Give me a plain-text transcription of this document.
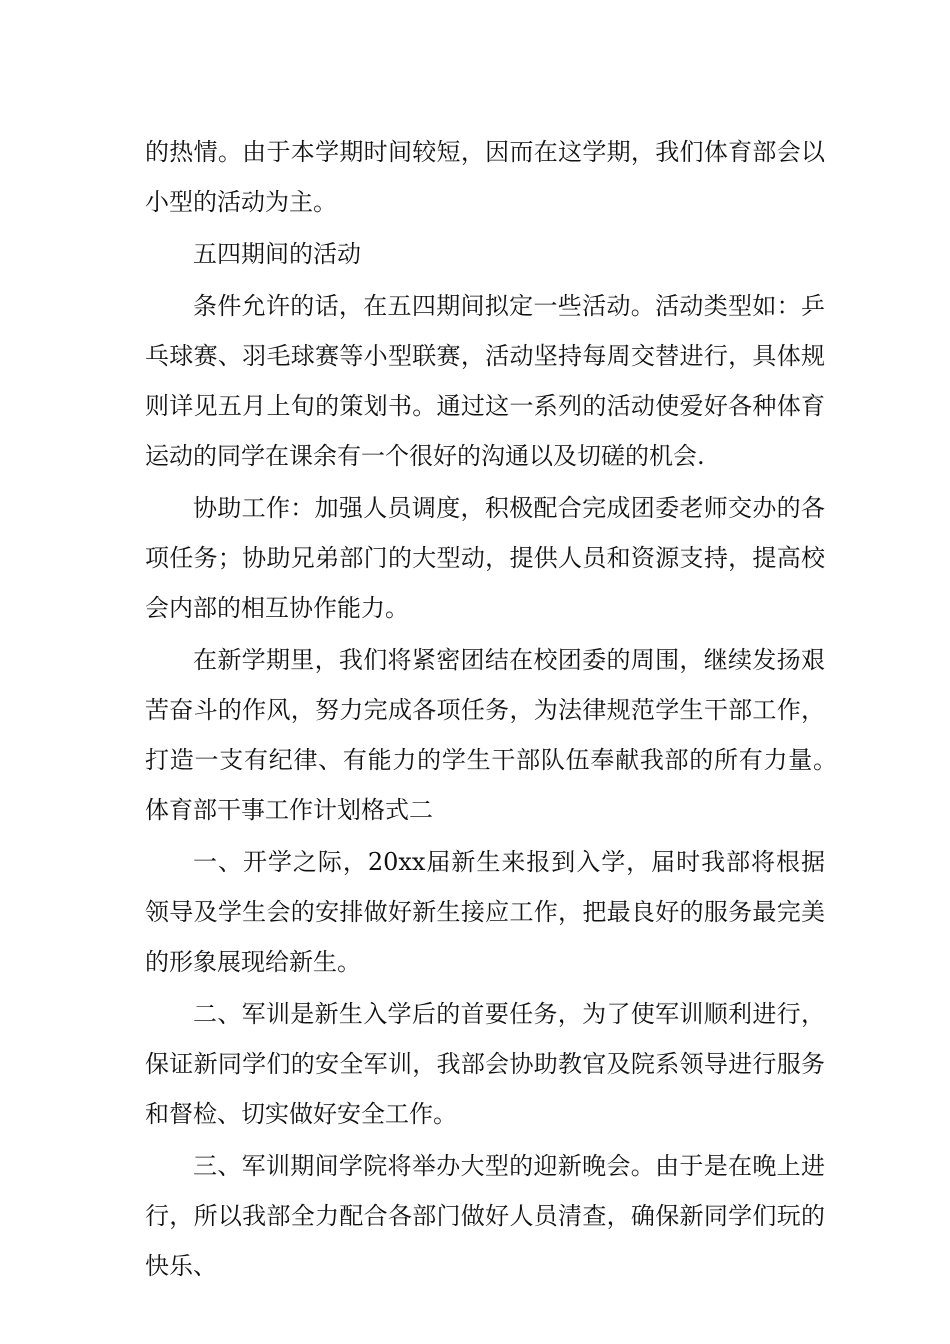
的热情。由于本学期时间较短，因而在这学期，我们体育部会以小型的活动为主。

五四期间的活动

条件允许的话，在五四期间拟定一些活动。活动类型如：乒乓球赛、羽毛球赛等小型联赛，活动坚持每周交替进行，具体规则详见五月上旬的策划书。通过这一系列的活动使爱好各种体育运动的同学在课余有一个很好的沟通以及切磋的机会.

协助工作：加强人员调度，积极配合完成团委老师交办的各项任务；协助兄弟部门的大型动，提供人员和资源支持，提高校会内部的相互协作能力。

在新学期里，我们将紧密团结在校团委的周围，继续发扬艰苦奋斗的作风，努力完成各项任务，为法律规范学生干部工作，打造一支有纪律、有能力的学生干部队伍奉献我部的所有力量。　　体育部干事工作计划格式二

一、开学之际，20xx届新生来报到入学，届时我部将根据领导及学生会的安排做好新生接应工作，把最良好的服务最完美的形象展现给新生。

二、军训是新生入学后的首要任务，为了使军训顺利进行，保证新同学们的安全军训，我部会协助教官及院系领导进行服务和督检、切实做好安全工作。

三、军训期间学院将举办大型的迎新晚会。由于是在晚上进行，所以我部全力配合各部门做好人员清查，确保新同学们玩的快乐、
